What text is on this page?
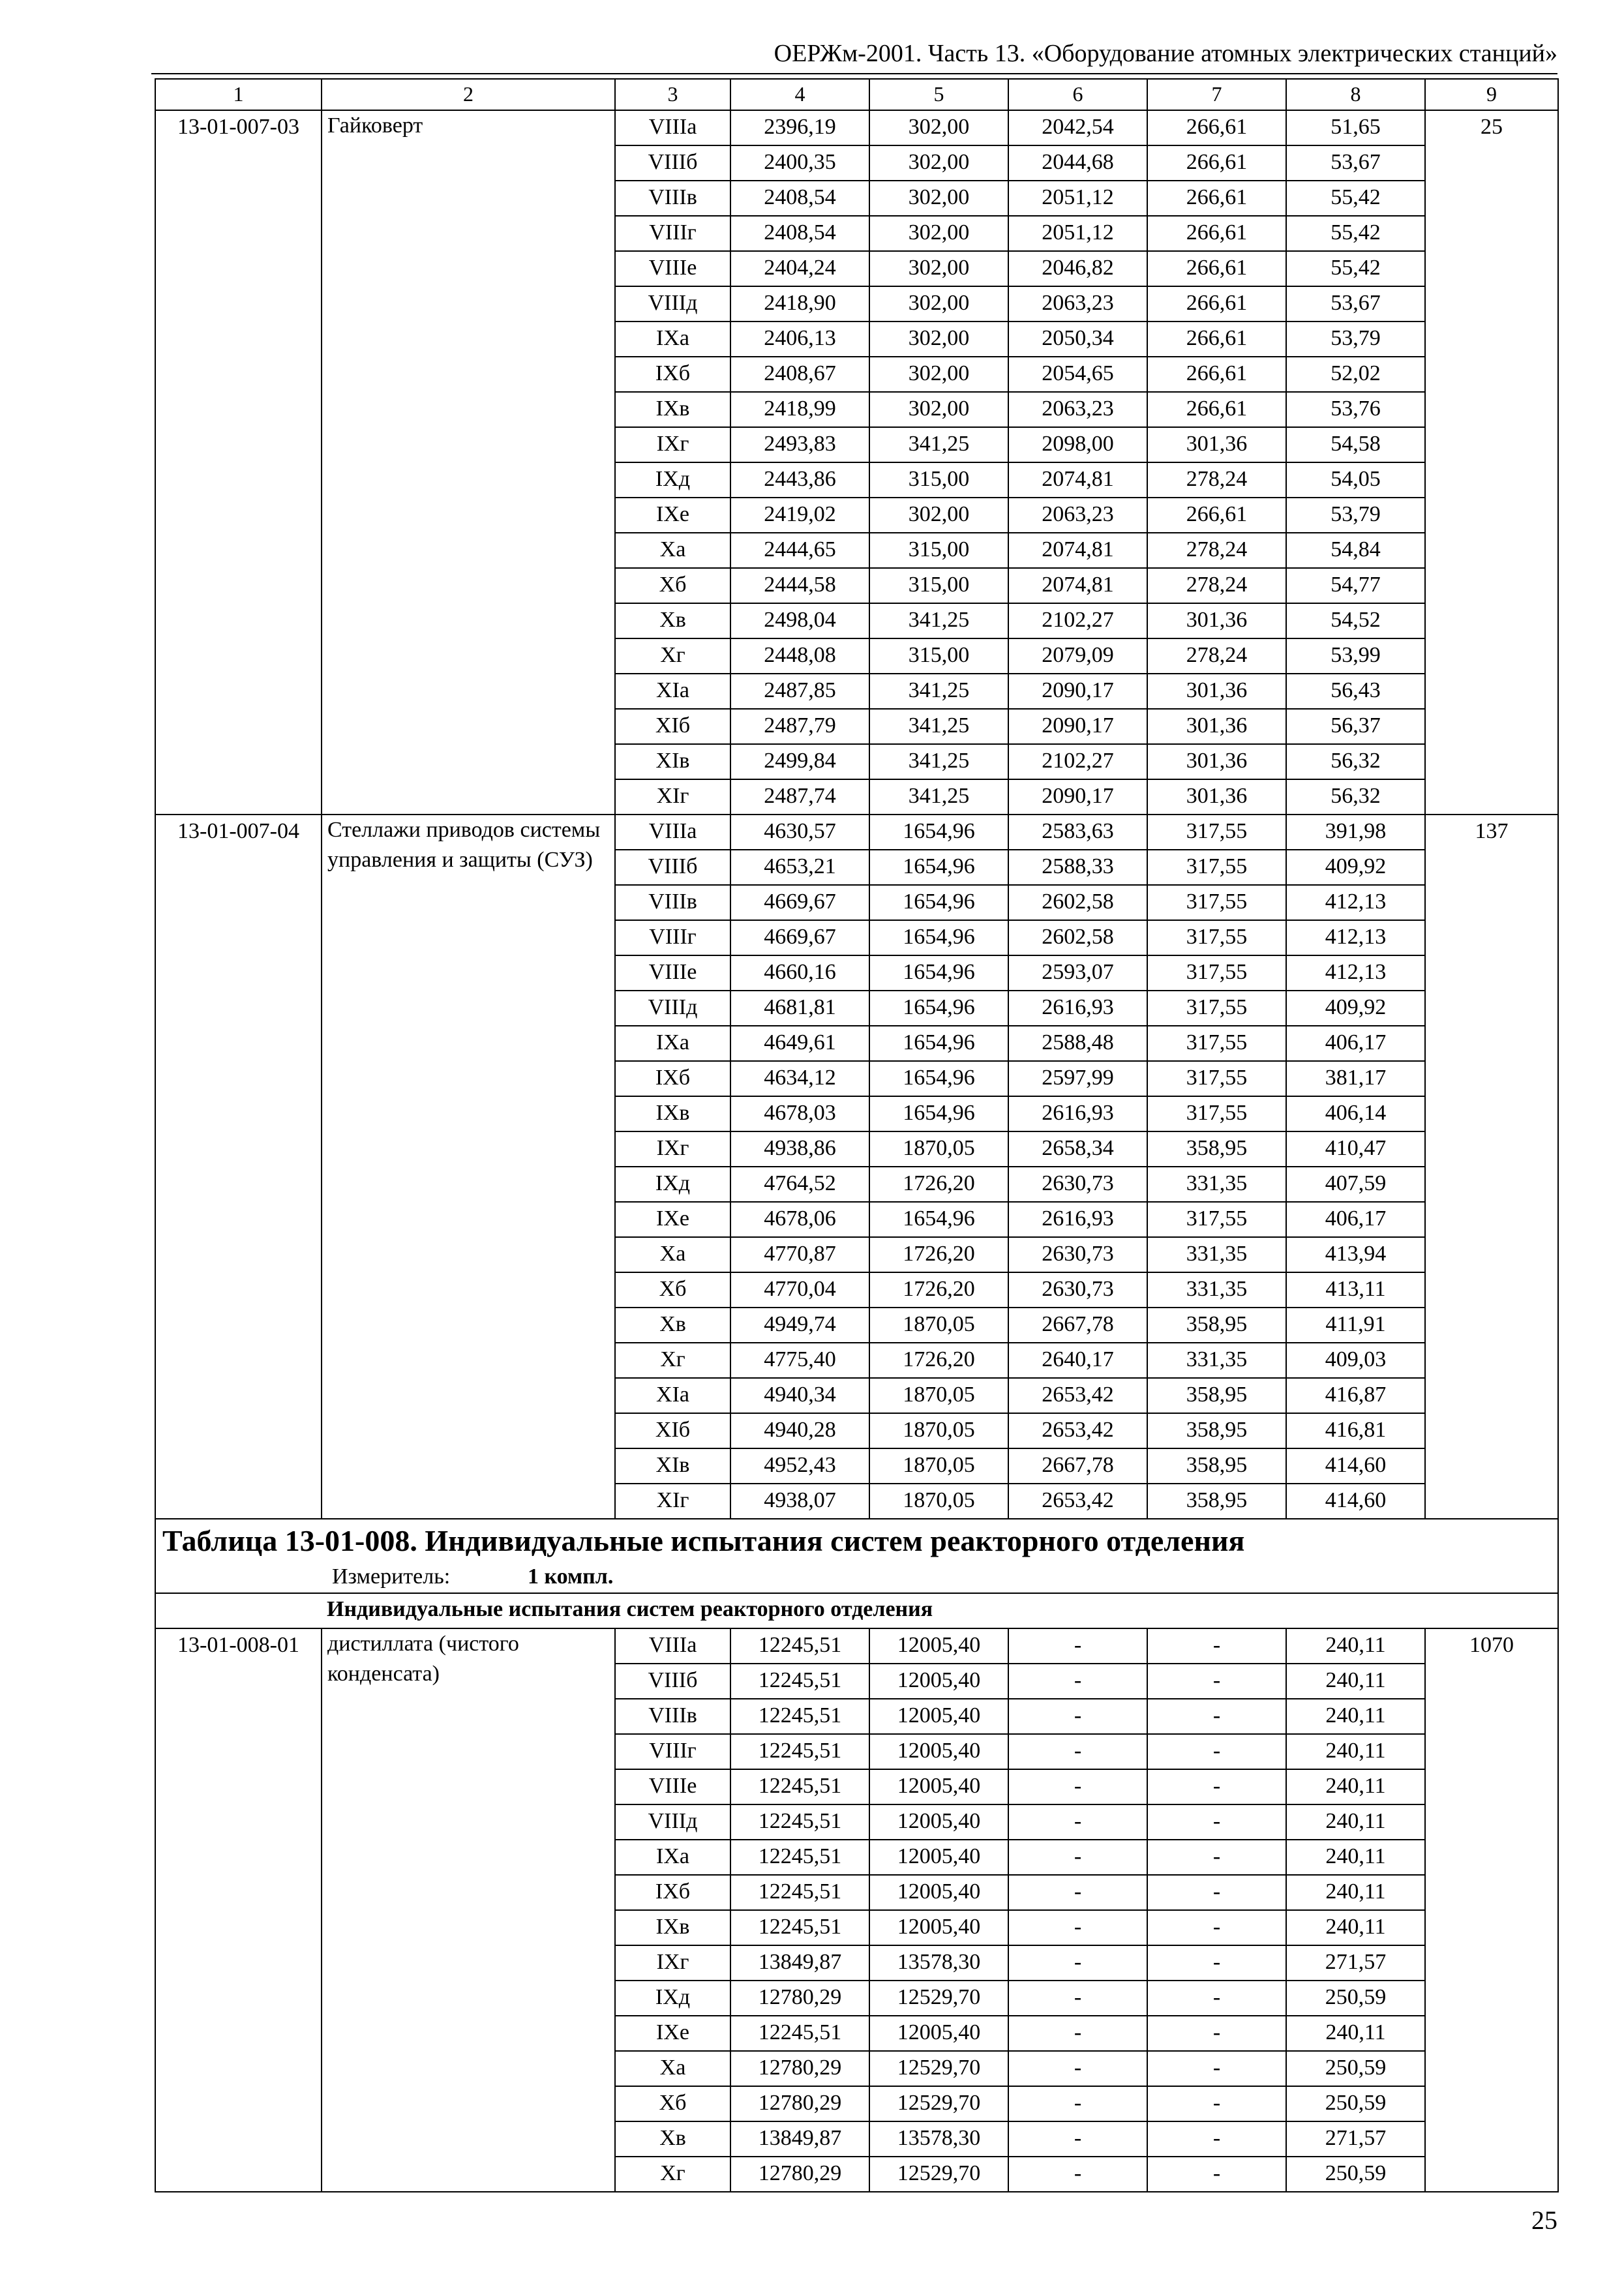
ОЕРЖм-2001. Часть 13. «Оборудование атомных электрических станций»
1	2	3	4	5	6	7	8	9
13-01-007-03	Гайковерт	VIIIа	2396,19	302,00	2042,54	266,61	51,65	25
		VIIIб	2400,35	302,00	2044,68	266,61	53,67	
		VIIIв	2408,54	302,00	2051,12	266,61	55,42	
		VIIIг	2408,54	302,00	2051,12	266,61	55,42	
		VIIIе	2404,24	302,00	2046,82	266,61	55,42	
		VIIIд	2418,90	302,00	2063,23	266,61	53,67	
		IXа	2406,13	302,00	2050,34	266,61	53,79	
		IXб	2408,67	302,00	2054,65	266,61	52,02	
		IXв	2418,99	302,00	2063,23	266,61	53,76	
		IXг	2493,83	341,25	2098,00	301,36	54,58	
		IXд	2443,86	315,00	2074,81	278,24	54,05	
		IXе	2419,02	302,00	2063,23	266,61	53,79	
		Xа	2444,65	315,00	2074,81	278,24	54,84	
		Xб	2444,58	315,00	2074,81	278,24	54,77	
		Xв	2498,04	341,25	2102,27	301,36	54,52	
		Xг	2448,08	315,00	2079,09	278,24	53,99	
		XIа	2487,85	341,25	2090,17	301,36	56,43	
		XIб	2487,79	341,25	2090,17	301,36	56,37	
		XIв	2499,84	341,25	2102,27	301,36	56,32	
		XIг	2487,74	341,25	2090,17	301,36	56,32	
13-01-007-04	Стеллажи приводов системы управления и защиты (СУЗ)	VIIIа	4630,57	1654,96	2583,63	317,55	391,98	137
		VIIIб	4653,21	1654,96	2588,33	317,55	409,92	
		VIIIв	4669,67	1654,96	2602,58	317,55	412,13	
		VIIIг	4669,67	1654,96	2602,58	317,55	412,13	
		VIIIе	4660,16	1654,96	2593,07	317,55	412,13	
		VIIIд	4681,81	1654,96	2616,93	317,55	409,92	
		IXа	4649,61	1654,96	2588,48	317,55	406,17	
		IXб	4634,12	1654,96	2597,99	317,55	381,17	
		IXв	4678,03	1654,96	2616,93	317,55	406,14	
		IXг	4938,86	1870,05	2658,34	358,95	410,47	
		IXд	4764,52	1726,20	2630,73	331,35	407,59	
		IXе	4678,06	1654,96	2616,93	317,55	406,17	
		Xа	4770,87	1726,20	2630,73	331,35	413,94	
		Xб	4770,04	1726,20	2630,73	331,35	413,11	
		Xв	4949,74	1870,05	2667,78	358,95	411,91	
		Xг	4775,40	1726,20	2640,17	331,35	409,03	
		XIа	4940,34	1870,05	2653,42	358,95	416,87	
		XIб	4940,28	1870,05	2653,42	358,95	416,81	
		XIв	4952,43	1870,05	2667,78	358,95	414,60	
		XIг	4938,07	1870,05	2653,42	358,95	414,60	
Таблица 13-01-008. Индивидуальные испытания систем реакторного отделения								
Измеритель: 1 компл.								
	Индивидуальные испытания систем реакторного отделения							
13-01-008-01	дистиллата (чистого конденсата)	VIIIа	12245,51	12005,40	-	-	240,11	1070
		VIIIб	12245,51	12005,40	-	-	240,11	
		VIIIв	12245,51	12005,40	-	-	240,11	
		VIIIг	12245,51	12005,40	-	-	240,11	
		VIIIе	12245,51	12005,40	-	-	240,11	
		VIIIд	12245,51	12005,40	-	-	240,11	
		IXа	12245,51	12005,40	-	-	240,11	
		IXб	12245,51	12005,40	-	-	240,11	
		IXв	12245,51	12005,40	-	-	240,11	
		IXг	13849,87	13578,30	-	-	271,57	
		IXд	12780,29	12529,70	-	-	250,59	
		IXе	12245,51	12005,40	-	-	240,11	
		Xа	12780,29	12529,70	-	-	250,59	
		Xб	12780,29	12529,70	-	-	250,59	
		Xв	13849,87	13578,30	-	-	271,57	
		Xг	12780,29	12529,70	-	-	250,59	
25
